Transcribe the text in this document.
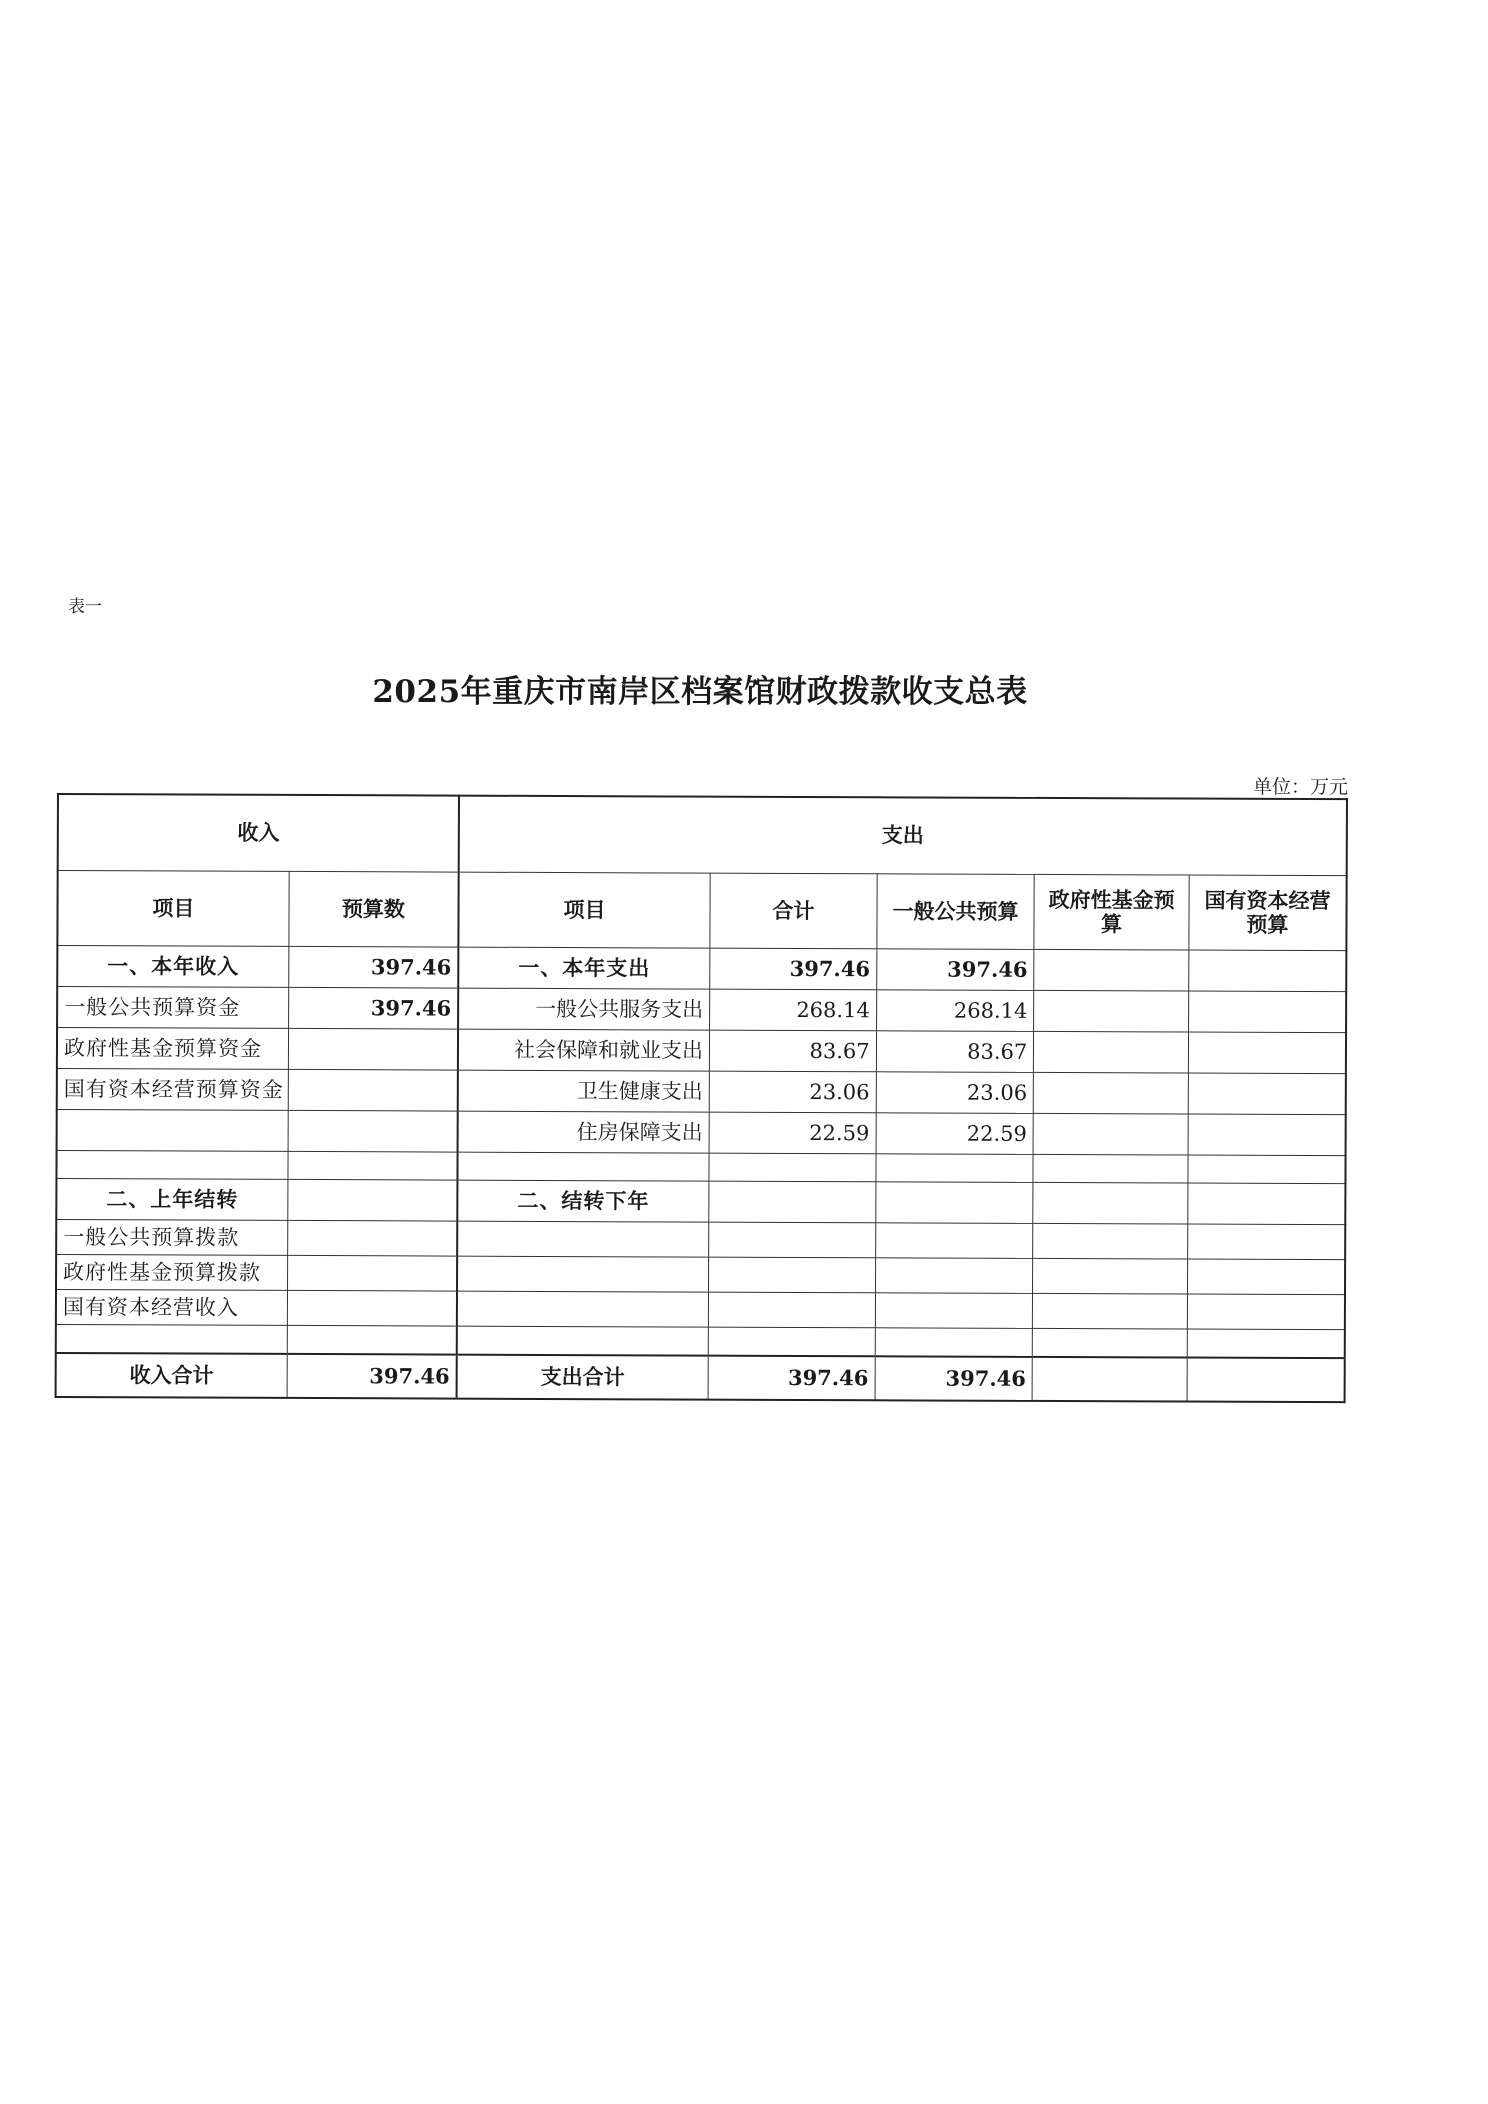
表一
2025年重庆市南岸区档案馆财政拨款收支总表
单位：万元
收入		支出				
项目	预算数	项目	合计	一般公共预算	政府性基金预算	国有资本经营预算
一、本年收入	397.46	一、本年支出	397.46	397.46		
一般公共预算资金	397.46	一般公共服务支出	268.14	268.14		
政府性基金预算资金		社会保障和就业支出	83.67	83.67		
国有资本经营预算资金		卫生健康支出	23.06	23.06		
		住房保障支出	22.59	22.59		

二、上年结转		二、结转下年				
一般公共预算拨款						
政府性基金预算拨款						
国有资本经营收入						

收入合计	397.46	支出合计	397.46	397.46		
